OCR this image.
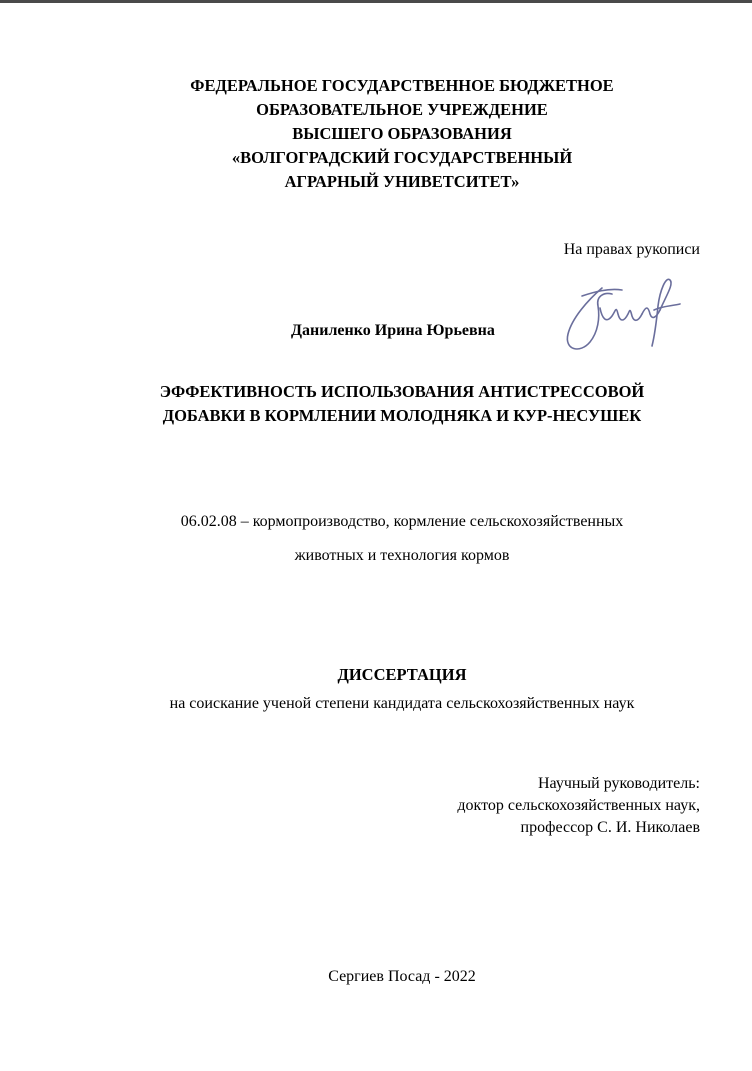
ФЕДЕРАЛЬНОЕ ГОСУДАРСТВЕННОЕ БЮДЖЕТНОЕ
ОБРАЗОВАТЕЛЬНОЕ УЧРЕЖДЕНИЕ
ВЫСШЕГО ОБРАЗОВАНИЯ
«ВОЛГОГРАДСКИЙ ГОСУДАРСТВЕННЫЙ
АГРАРНЫЙ УНИВЕТСИТЕТ»
На правах рукописи
Даниленко Ирина Юрьевна
ЭФФЕКТИВНОСТЬ ИСПОЛЬЗОВАНИЯ АНТИСТРЕССОВОЙ
ДОБАВКИ В КОРМЛЕНИИ МОЛОДНЯКА И КУР-НЕСУШЕК
06.02.08 – кормопроизводство, кормление сельскохозяйственных
животных и технология кормов
ДИССЕРТАЦИЯ
на соискание ученой степени кандидата сельскохозяйственных наук
Научный руководитель:
доктор сельскохозяйственных наук,
профессор С. И. Николаев
Сергиев Посад - 2022
